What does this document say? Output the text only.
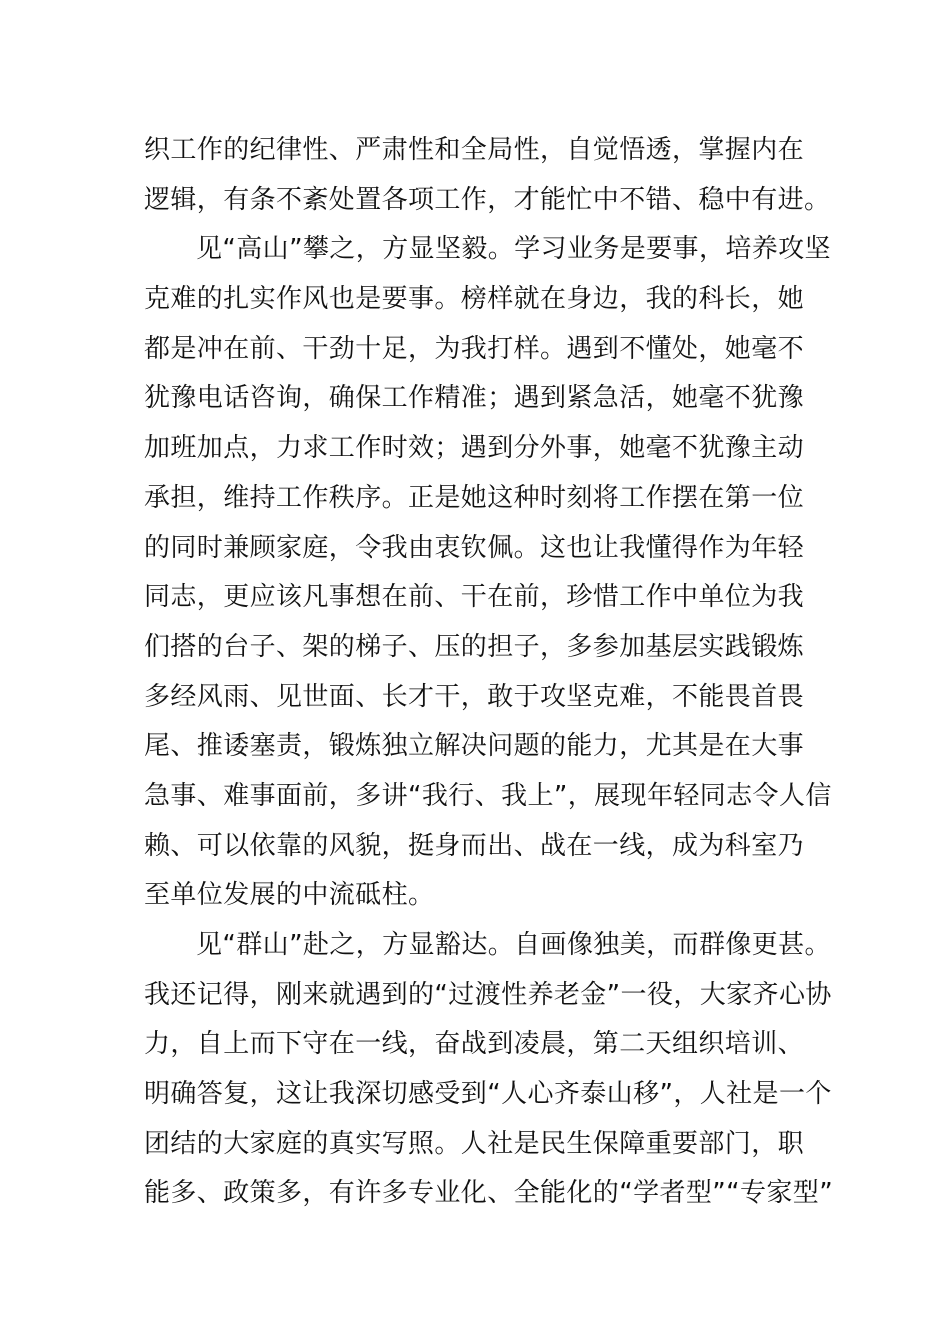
织工作的纪律性、严肃性和全局性，自觉悟透，掌握内在
逻辑，有条不紊处置各项工作，才能忙中不错、稳中有进。
见“高山”攀之，方显坚毅。学习业务是要事，培养攻坚
克难的扎实作风也是要事。榜样就在身边，我的科长，她
都是冲在前、干劲十足，为我打样。遇到不懂处，她毫不
犹豫电话咨询，确保工作精准；遇到紧急活，她毫不犹豫
加班加点，力求工作时效；遇到分外事，她毫不犹豫主动
承担，维持工作秩序。正是她这种时刻将工作摆在第一位
的同时兼顾家庭，令我由衷钦佩。这也让我懂得作为年轻
同志，更应该凡事想在前、干在前，珍惜工作中单位为我
们搭的台子、架的梯子、压的担子，多参加基层实践锻炼
多经风雨、见世面、长才干，敢于攻坚克难，不能畏首畏
尾、推诿塞责，锻炼独立解决问题的能力，尤其是在大事
急事、难事面前，多讲“我行、我上”，展现年轻同志令人信
赖、可以依靠的风貌，挺身而出、战在一线，成为科室乃
至单位发展的中流砥柱。
见“群山”赴之，方显豁达。自画像独美，而群像更甚。
我还记得，刚来就遇到的“过渡性养老金”一役，大家齐心协
力，自上而下守在一线，奋战到凌晨，第二天组织培训、
明确答复，这让我深切感受到“人心齐泰山移”，人社是一个
团结的大家庭的真实写照。人社是民生保障重要部门，职
能多、政策多，有许多专业化、全能化的“学者型”“专家型”
